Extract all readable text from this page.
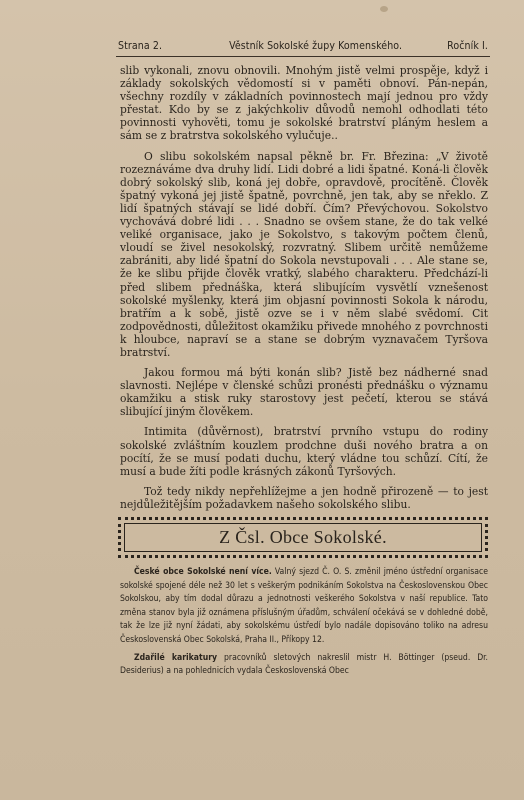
Strana 2.	Věstník Sokolské župy Komenského.	Ročník I.

slib vykonali, znovu obnovili. Mnohým jistě velmi prospěje, když i základy sokolských vědomostí si v paměti obnoví. Pán-nepán, všechny rozdíly v základních povinnostech mají jednou pro vždy přestat. Kdo by se z jakýchkoliv důvodů nemohl odhodlati této povinnosti vyhověti, tomu je sokolské bratrství pláným heslem a sám se z bratrstva sokolského vylučuje..

O slibu sokolském napsal pěkně br. Fr. Březina: „V životě rozeznáváme dva druhy lidí. Lidi dobré a lidi špatné. Koná-li člověk dobrý sokolský slib, koná jej dobře, opravdově, procítěně. Člověk špatný vykoná jej jistě špatně, povrchně, jen tak, aby se nřeklo. Z lidí špatných stávají se lidé dobří. Čím? Převýchovou. Sokolstvo vychovává dobré lidi . . . Snadno se ovšem stane, že do tak velké veliké organisace, jako je Sokolstvo, s takovým počtem členů, vloudí se živel nesokolský, rozvratný. Slibem určitě nemůžeme zabrániti, aby lidé špatní do Sokola nevstupovali . . . Ale stane se, že ke slibu přijde člověk vratký, slabého charakteru. Předchází-li před slibem přednáška, která slibujícím vysvětlí vznešenost sokolské myšlenky, která jim objasní povinnosti Sokola k národu, bratřím a k sobě, jistě ozve se i v něm slabé svědomí. Cit zodpovědnosti, důležitost okamžiku přivede mnohého z povrchnosti k hloubce, napraví se a stane se dobrým vyznavačem Tyršova bratrství.

Jakou formou má býti konán slib? Jistě bez nádherné snad slavnosti. Nejlépe v členské schůzi pronésti přednášku o významu okamžiku a stisk ruky starostovy jest pečetí, kterou se stává slibující jiným člověkem.

Intimita (důvěrnost), bratrství prvního vstupu do rodiny sokolské zvláštním kouzlem prodchne duši nového bratra a on pocítí, že se musí podati duchu, který vládne tou schůzí. Cítí, že musí a bude žíti podle krásných zákonů Tyršových.

Tož tedy nikdy nepřehlížejme a jen hodně přirozeně — to jest nejdůležitějším požadavkem našeho sokolského slibu.

Z Čsl. Obce Sokolské.

České obce Sokolské není více. Valný sjezd Č. O. S. změnil jméno ústřední organisace sokolské spojené déle než 30 let s veškerým podnikáním Sokolstva na Československou Obec Sokolskou, aby tím dodal důrazu a jednotnosti veškerého Sokolstva v naší republice. Tato změna stanov byla již oznámena příslušným úřadům, schválení očekává se v dohledné době, tak že lze již nyní žádati, aby sokolskému ústředí bylo nadále dopisováno toliko na adresu Československá Obec Sokolská, Praha II., Příkopy 12.

Zdařilé karikatury pracovníků sletových nakreslil mistr H. Böttinger (pseud. Dr. Desiderius) a na pohlednicích vydala Československá Obec
